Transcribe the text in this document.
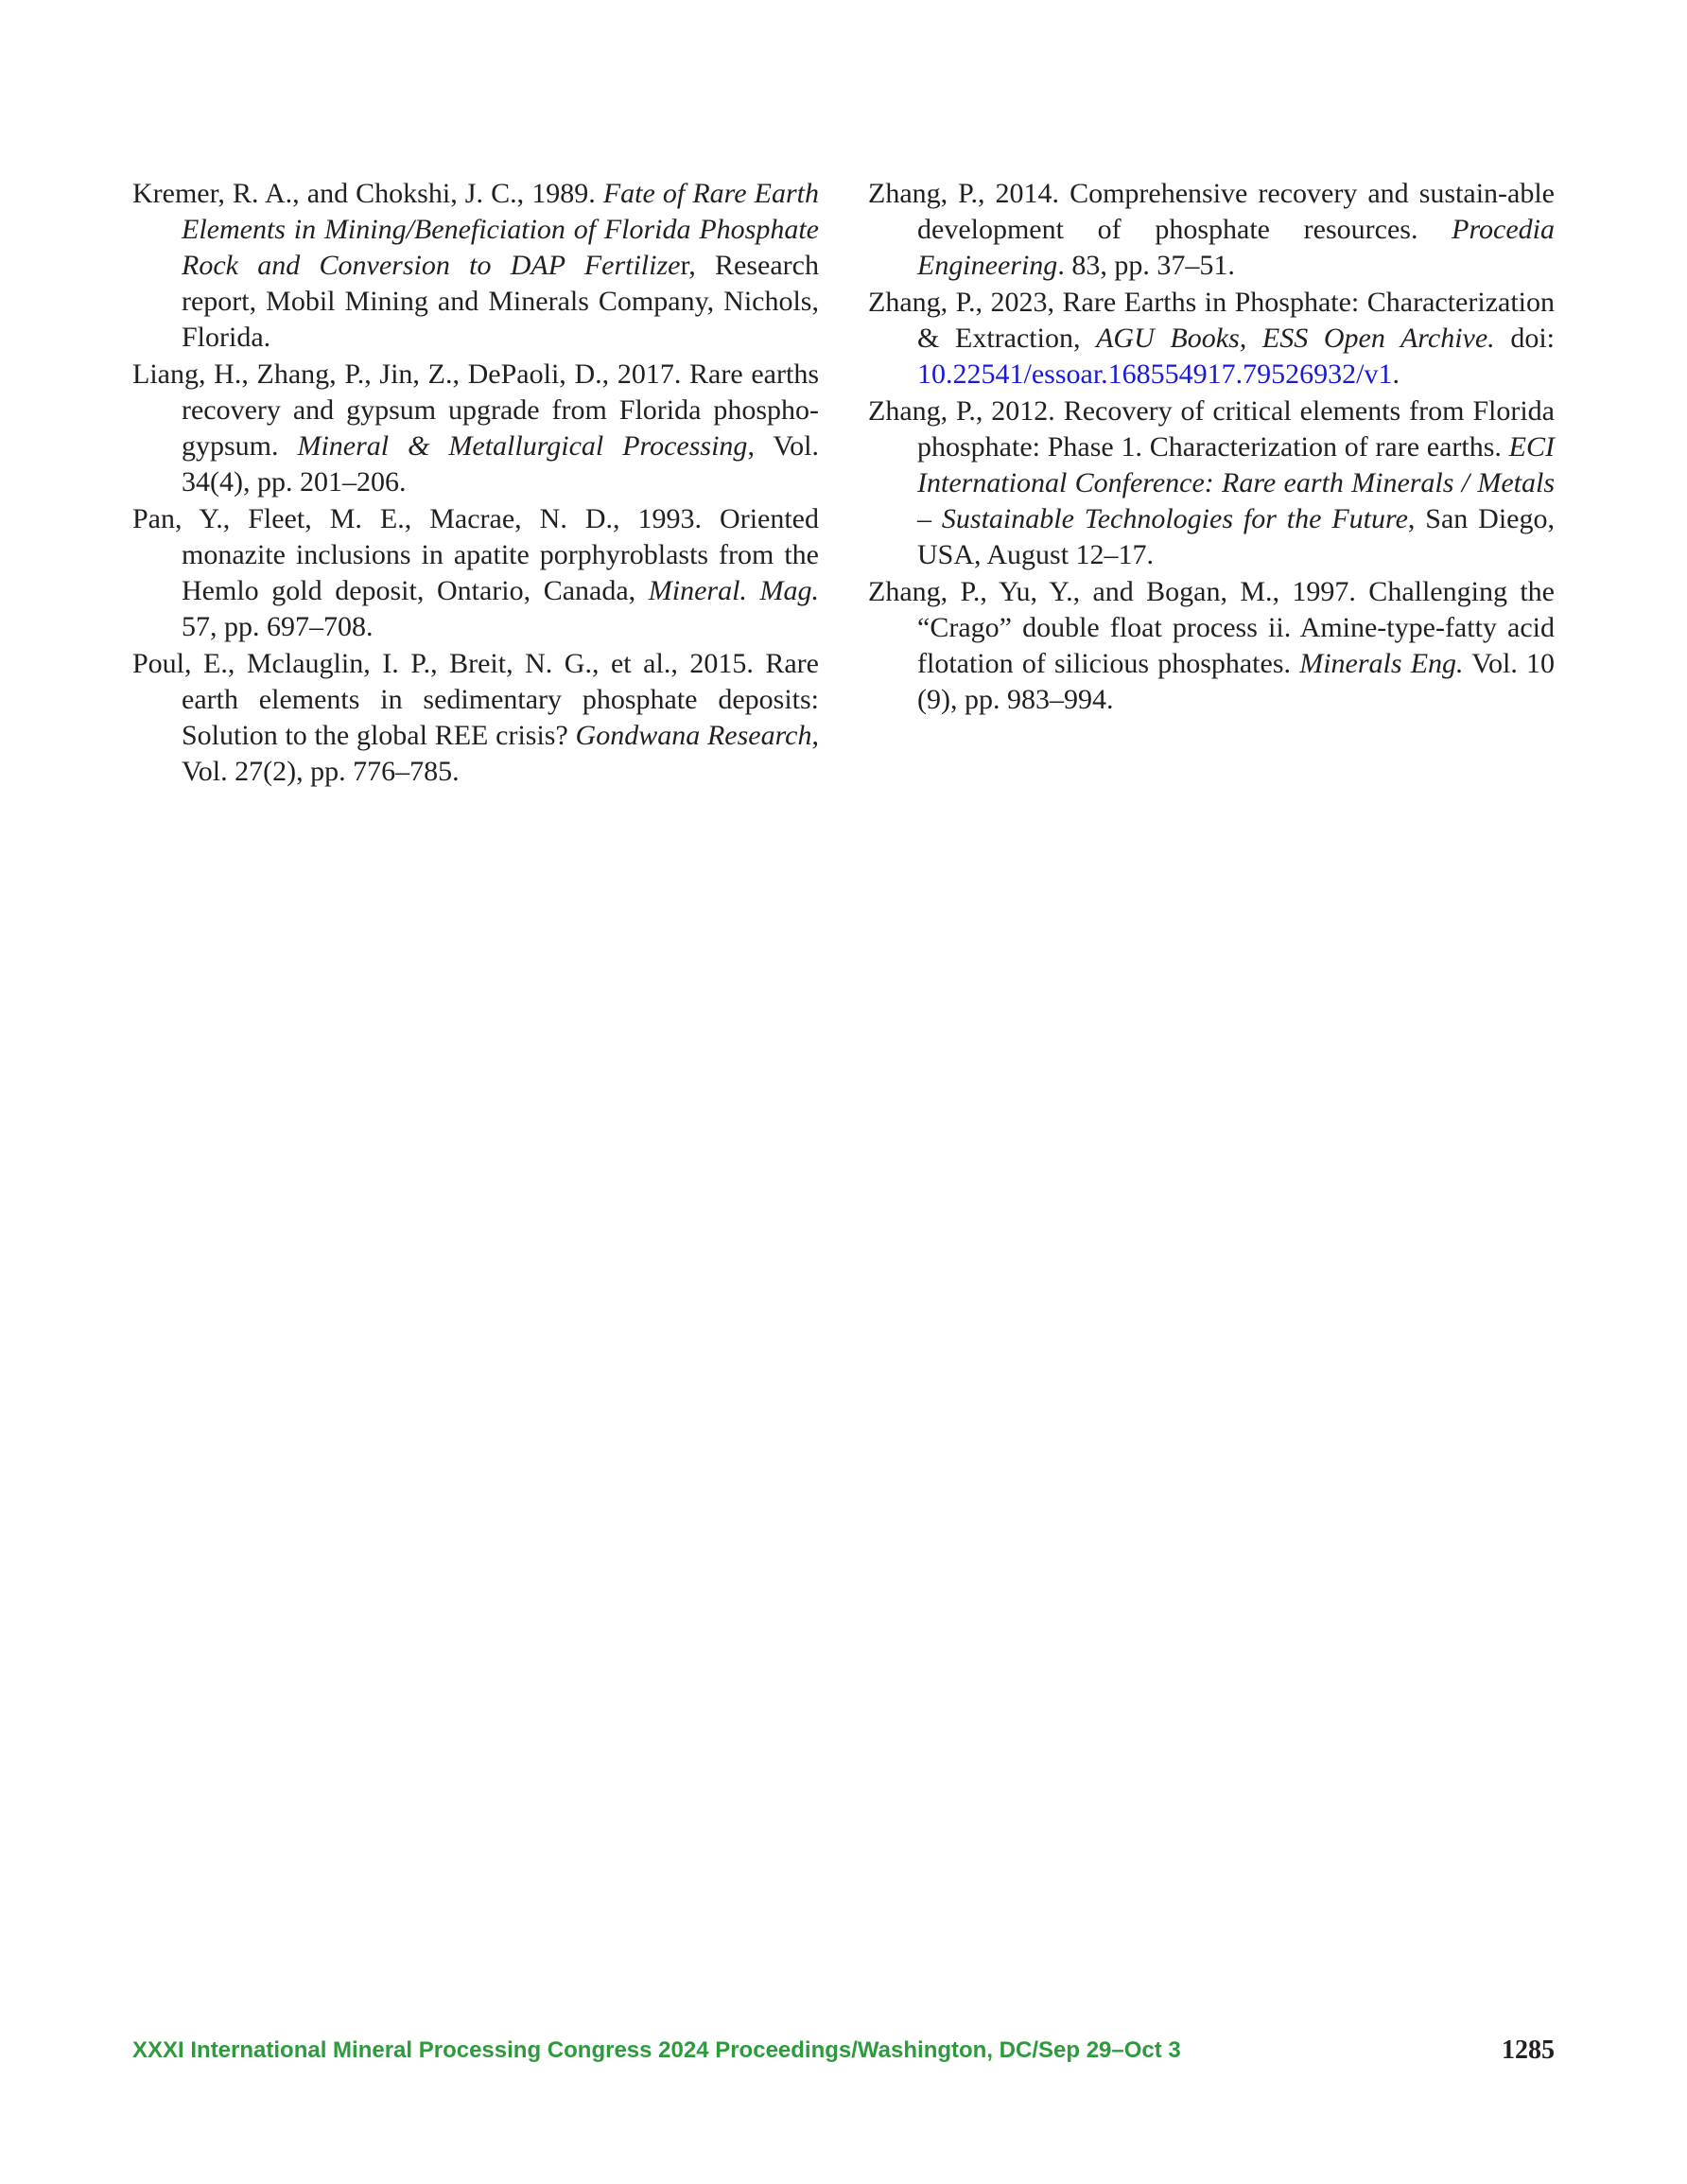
Kremer, R. A., and Chokshi, J. C., 1989. Fate of Rare Earth Elements in Mining/Beneficiation of Florida Phosphate Rock and Conversion to DAP Fertilizer, Research report, Mobil Mining and Minerals Company, Nichols, Florida.

Liang, H., Zhang, P., Jin, Z., DePaoli, D., 2017. Rare earths recovery and gypsum upgrade from Florida phospho-gypsum. Mineral & Metallurgical Processing, Vol. 34(4), pp. 201–206.

Pan, Y., Fleet, M. E., Macrae, N. D., 1993. Oriented monazite inclusions in apatite porphyroblasts from the Hemlo gold deposit, Ontario, Canada, Mineral. Mag. 57, pp. 697–708.

Poul, E., Mclauglin, I. P., Breit, N. G., et al., 2015. Rare earth elements in sedimentary phosphate deposits: Solution to the global REE crisis? Gondwana Research, Vol. 27(2), pp. 776–785.

Zhang, P., 2014. Comprehensive recovery and sustain-able development of phosphate resources. Procedia Engineering. 83, pp. 37–51.

Zhang, P., 2023, Rare Earths in Phosphate: Characterization & Extraction, AGU Books, ESS Open Archive. doi: 10.22541/essoar.168554917.79526932/v1.

Zhang, P., 2012. Recovery of critical elements from Florida phosphate: Phase 1. Characterization of rare earths. ECI International Conference: Rare earth Minerals / Metals – Sustainable Technologies for the Future, San Diego, USA, August 12–17.

Zhang, P., Yu, Y., and Bogan, M., 1997. Challenging the “Crago” double float process ii. Amine-type-fatty acid flotation of silicious phosphates. Minerals Eng. Vol. 10 (9), pp. 983–994.

XXXI International Mineral Processing Congress 2024 Proceedings/Washington, DC/Sep 29–Oct 3	1285
